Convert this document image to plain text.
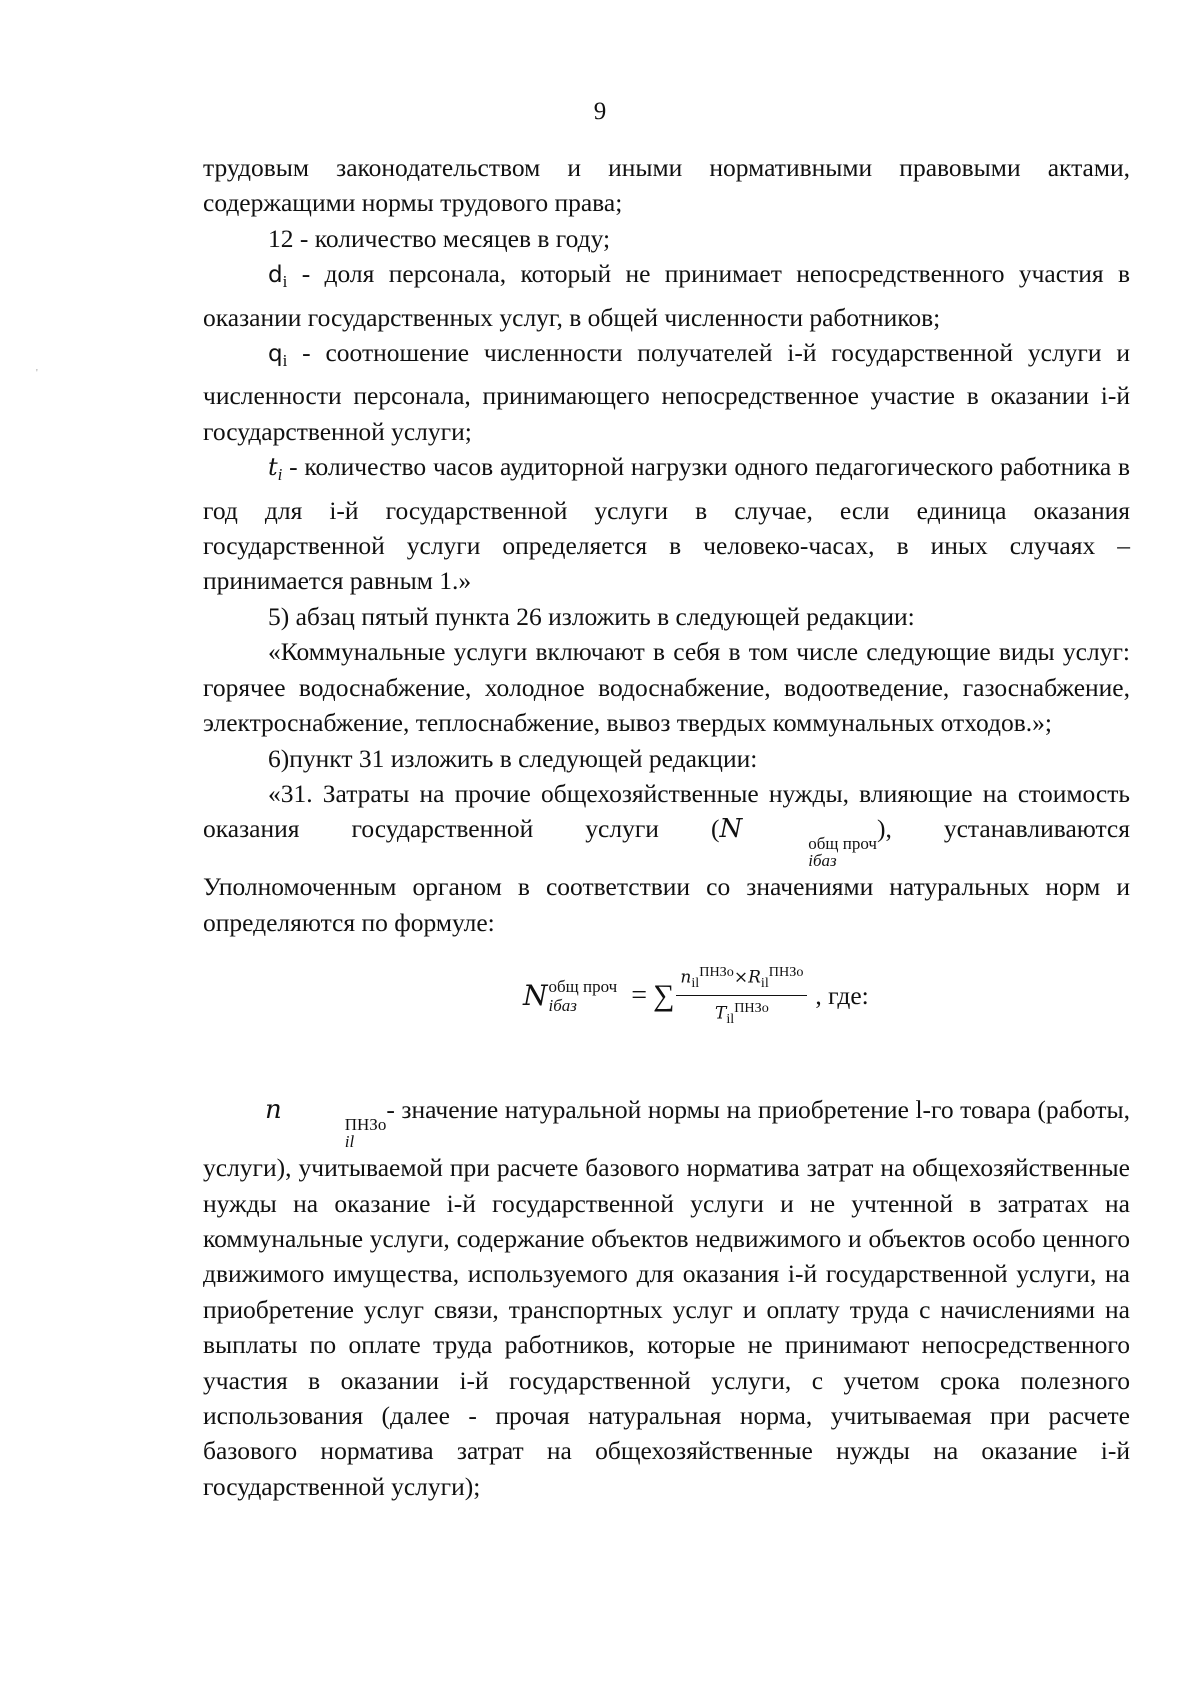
9
'

трудовым законодательством и иными нормативными правовыми актами, содержащими нормы трудового права;

12 - количество месяцев в году;

$d_i$ - доля персонала, который не принимает непосредственного участия в оказании государственных услуг, в общей численности работников;

$q_i$ - соотношение численности получателей i-й государственной услуги и численности персонала, принимающего непосредственное участие в оказании i-й государственной услуги;

$t_i$ - количество часов аудиторной нагрузки одного педагогического работника в год для i-й государственной услуги в случае, если единица оказания государственной услуги определяется в человеко-часах, в иных случаях – принимается равным 1.»

5) абзац пятый пункта 26 изложить в следующей редакции:

«Коммунальные услуги включают в себя в том числе следующие виды услуг: горячее водоснабжение, холодное водоснабжение, водоотведение, газоснабжение, электроснабжение, теплоснабжение, вывоз твердых коммунальных отходов.»;

6)пункт 31 изложить в следующей редакции:

«31. Затраты на прочие общехозяйственные нужды, влияющие на стоимость оказания государственной услуги (N	общ проч
iбаз
), устанавливаются Уполномоченным органом в соответствии со значениями натуральных норм и определяются по формуле:

N общ проч
iбаз	= ∑ $\frac{n_{il}^{ПНЗо}\times R_{il}^{ПНЗо}}{T_{il}^{ПНЗо}}$ , где:

n	ПНЗо
il
- значение натуральной нормы на приобретение l-го товара (работы, услуги), учитываемой при расчете базового норматива затрат на общехозяйственные нужды на оказание i-й государственной услуги и не учтенной в затратах на коммунальные услуги, содержание объектов недвижимого и объектов особо ценного движимого имущества, используемого для оказания i-й государственной услуги, на приобретение услуг связи, транспортных услуг и оплату труда с начислениями на выплаты по оплате труда работников, которые не принимают непосредственного участия в оказании i-й государственной услуги, с учетом срока полезного использования (далее - прочая натуральная норма, учитываемая при расчете базового норматива затрат на общехозяйственные нужды на оказание i-й государственной услуги);
